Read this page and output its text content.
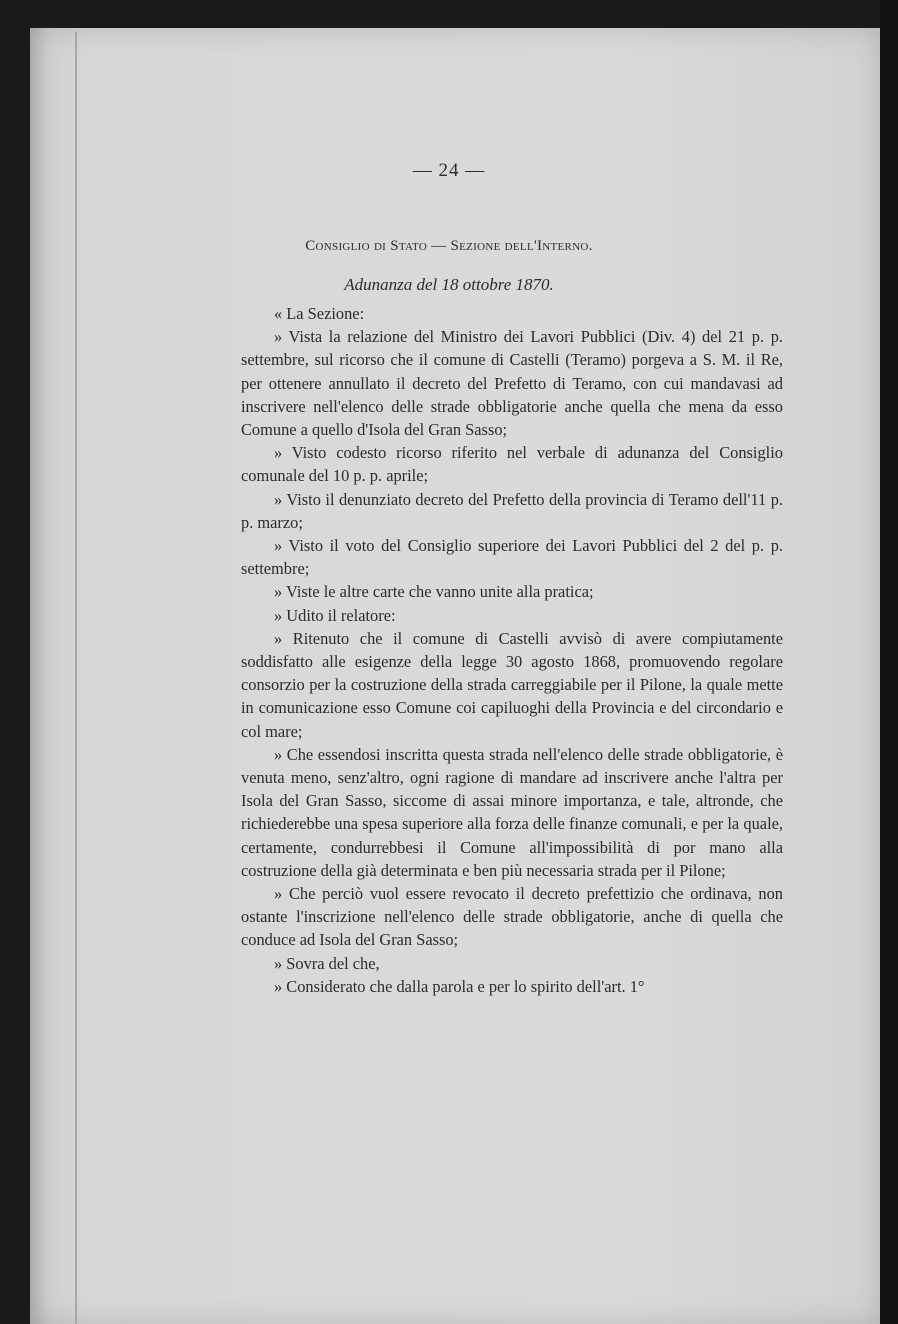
— 24 —
Consiglio di Stato — Sezione dell'Interno.
Adunanza del 18 ottobre 1870.

« La Sezione:

» Vista la relazione del Ministro dei Lavori Pubblici (Div. 4) del 21 p. p. settembre, sul ricorso che il comune di Castelli (Teramo) porgeva a S. M. il Re, per ottenere annullato il decreto del Prefetto di Teramo, con cui mandavasi ad inscrivere nell'elenco delle strade obbligatorie anche quella che mena da esso Comune a quello d'Isola del Gran Sasso;

» Visto codesto ricorso riferito nel verbale di adunanza del Consiglio comunale del 10 p. p. aprile;

» Visto il denunziato decreto del Prefetto della provincia di Teramo dell'11 p. p. marzo;

» Visto il voto del Consiglio superiore dei Lavori Pubblici del 2 del p. p. settembre;

» Viste le altre carte che vanno unite alla pratica;

» Udito il relatore:

» Ritenuto che il comune di Castelli avvisò di avere compiutamente soddisfatto alle esigenze della legge 30 agosto 1868, promuovendo regolare consorzio per la costruzione della strada carreggiabile per il Pilone, la quale mette in comunicazione esso Comune coi capiluoghi della Provincia e del circondario e col mare;

» Che essendosi inscritta questa strada nell'elenco delle strade obbligatorie, è venuta meno, senz'altro, ogni ragione di mandare ad inscrivere anche l'altra per Isola del Gran Sasso, siccome di assai minore importanza, e tale, altronde, che richiederebbe una spesa superiore alla forza delle finanze comunali, e per la quale, certamente, condurrebbesi il Comune all'impossibilità di por mano alla costruzione della già determinata e ben più necessaria strada per il Pilone;

» Che perciò vuol essere revocato il decreto prefettizio che ordinava, non ostante l'inscrizione nell'elenco delle strade obbligatorie, anche di quella che conduce ad Isola del Gran Sasso;

» Sovra del che,

» Considerato che dalla parola e per lo spirito dell'art. 1°
